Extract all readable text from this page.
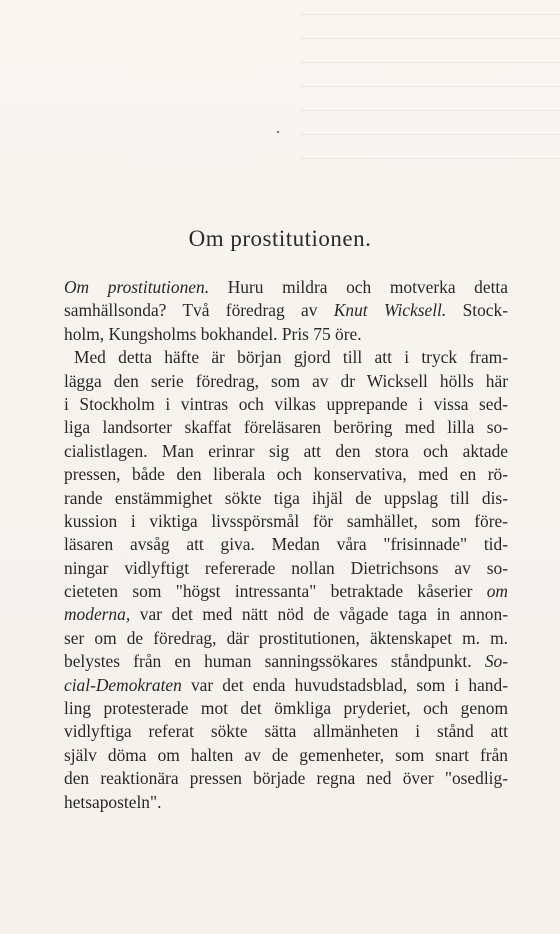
Om prostitutionen.
Om prostitutionen. Huru mildra och motverka detta
samhällsonda? Två föredrag av Knut Wicksell. Stock-
holm, Kungsholms bokhandel. Pris 75 öre.
Med detta häfte är början gjord till att i tryck fram-
lägga den serie föredrag, som av dr Wicksell hölls här
i Stockholm i vintras och vilkas upprepande i vissa sed-
liga landsorter skaffat föreläsaren beröring med lilla so-
cialistlagen. Man erinrar sig att den stora och aktade
pressen, både den liberala och konservativa, med en rö-
rande enstämmighet sökte tiga ihjäl de uppslag till dis-
kussion i viktiga livsspörsmål för samhället, som före-
läsaren avsåg att giva. Medan våra "frisinnade" tid-
ningar vidlyftigt refererade nollan Dietrichsons av so-
cieteten som "högst intressanta" betraktade kåserier om
moderna, var det med nätt nöd de vågade taga in annon-
ser om de föredrag, där prostitutionen, äktenskapet m. m.
belystes från en human sanningssökares ståndpunkt. So-
cial-Demokraten var det enda huvudstadsblad, som i hand-
ling protesterade mot det ömkliga pryderiet, och genom
vidlyftiga referat sökte sätta allmänheten i stånd att
själv döma om halten av de gemenheter, som snart från
den reaktionära pressen började regna ned över "osedlig-
hetsaposteln".
